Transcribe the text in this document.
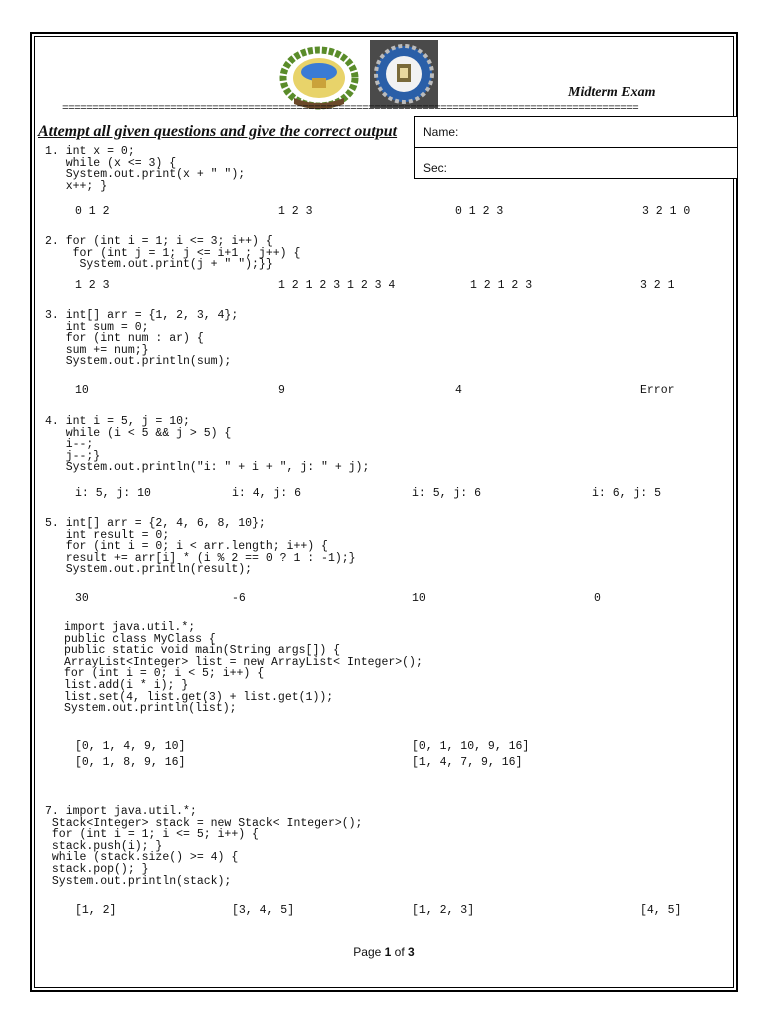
Midterm Exam
================================================================================================
Attempt all given questions and give the correct output Name:
Sec:
1. int x = 0;
while (x <= 3) {
System.out.print(x + " ");
x++; }
0 1 2	1 2 3	0 1 2 3	3 2 1 0
2. for (int i = 1; i <= 3; i++) {
for (int j = 1; j <= i+1 ; j++) {
System.out.print(j + " ");}}
1 2 3	1 2 1 2 3 1 2 3 4	1 2 1 2 3	3 2 1
3. int[] arr = {1, 2, 3, 4};
int sum = 0;
for (int num : ar) {
sum += num;}
System.out.println(sum);
10	9	4	Error
4. int i = 5, j = 10;
while (i < 5 && j > 5) {
i--;
j--;}
System.out.println("i: " + i + ", j: " + j);
i: 5, j: 10	i: 4, j: 6	i: 5, j: 6	i: 6, j: 5
5. int[] arr = {2, 4, 6, 8, 10};
int result = 0;
for (int i = 0; i < arr.length; i++) {
result += arr[i] * (i % 2 == 0 ? 1 : -1);}
System.out.println(result);
30	-6	10	0
import java.util.*;
public class MyClass {
public static void main(String args[]) {
ArrayList<Integer> list = new ArrayList< Integer>();
for (int i = 0; i < 5; i++) {
list.add(i * i); }
list.set(4, list.get(3) + list.get(1));
System.out.println(list);
[0, 1, 4, 9, 10]	[0, 1, 10, 9, 16]
[0, 1, 8, 9, 16]	[1, 4, 7, 9, 16]
7. import java.util.*;
Stack<Integer> stack = new Stack< Integer>();
for (int i = 1; i <= 5; i++) {
stack.push(i); }
while (stack.size() >= 4) {
stack.pop(); }
System.out.println(stack);
[1, 2]	[3, 4, 5]	[1, 2, 3]	[4, 5]
Page 1 of 3
